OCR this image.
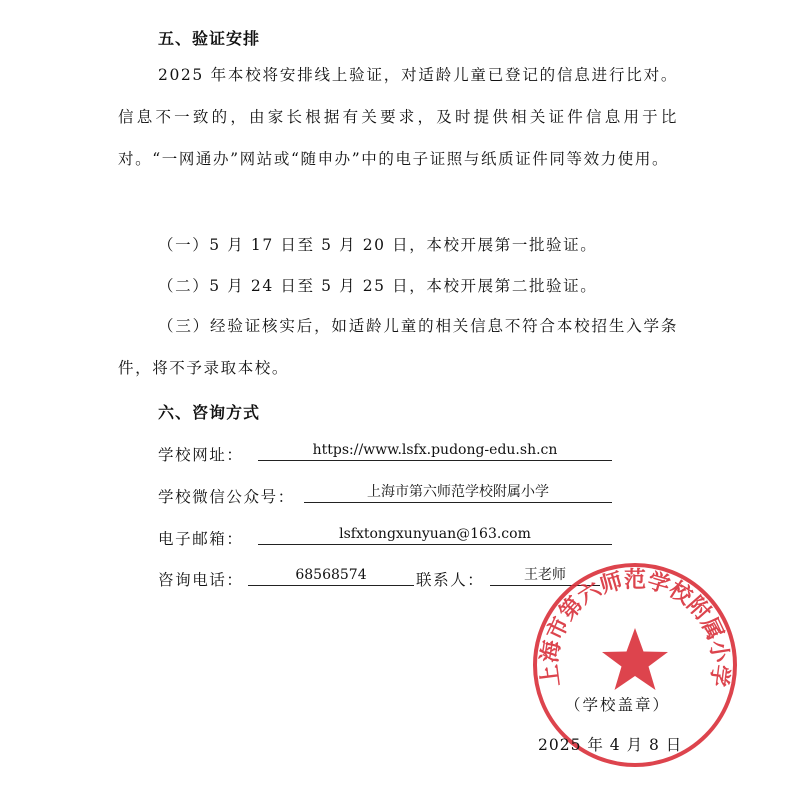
五、验证安排

2025 年本校将安排线上验证，对适龄儿童已登记的信息进行比对。信息不一致的，由家长根据有关要求，及时提供相关证件信息用于比对。“一网通办”网站或“随申办”中的电子证照与纸质证件同等效力使用。

（一）5 月 17 日至 5 月 20 日，本校开展第一批验证。
（二）5 月 24 日至 5 月 25 日，本校开展第二批验证。

（三）经验证核实后，如适龄儿童的相关信息不符合本校招生入学条件，将不予录取本校。

六、咨询方式
学校网址：	https://www.lsfx.pudong-edu.sh.cn
学校微信公众号：	上海市第六师范学校附属小学
电子邮箱：	lsfxtongxunyuan@163.com
咨询电话：	68568574	联系人：	王老师
上海市第六师范学校附属小学
（学校盖章）
2025 年 4 月 8 日
